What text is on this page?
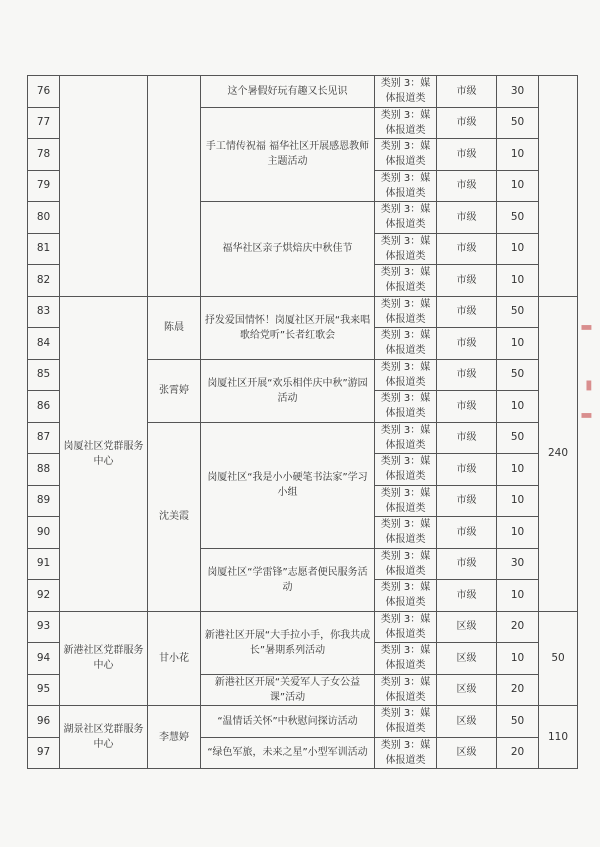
76			这个暑假好玩有趣又长见识	类别 3：媒体报道类	市级	30	
77			手工情传祝福 福华社区开展感恩教师主题活动	类别 3：媒体报道类	市级	50	
78				类别 3：媒体报道类	市级	10	
79				类别 3：媒体报道类	市级	10	
80			福华社区亲子烘焙庆中秋佳节	类别 3：媒体报道类	市级	50	
81				类别 3：媒体报道类	市级	10	
82				类别 3：媒体报道类	市级	10	
83	岗厦社区党群服务中心	陈晨	抒发爱国情怀！岗厦社区开展“我来唱歌给党听”长者红歌会	类别 3：媒体报道类	市级	50	240
84				类别 3：媒体报道类	市级	10	
85		张霄婷	岗厦社区开展“欢乐相伴庆中秋”游园活动	类别 3：媒体报道类	市级	50	
86				类别 3：媒体报道类	市级	10	
87		沈美霞	岗厦社区“我是小小硬笔书法家”学习小组	类别 3：媒体报道类	市级	50	
88				类别 3：媒体报道类	市级	10	
89				类别 3：媒体报道类	市级	10	
90				类别 3：媒体报道类	市级	10	
91			岗厦社区“学雷锋”志愿者便民服务活动	类别 3：媒体报道类	市级	30	
92				类别 3：媒体报道类	市级	10	
93	新港社区党群服务中心	甘小花	新港社区开展“大手拉小手，你我共成长”暑期系列活动	类别 3：媒体报道类	区级	20	50
94				类别 3：媒体报道类	区级	10	
95			新港社区开展“关爱军人子女公益课”活动	类别 3：媒体报道类	区级	20	
96	湖景社区党群服务中心	李慧婷	“温情话关怀”中秋慰问探访活动	类别 3：媒体报道类	区级	50	110
97			“绿色军旅，未来之星”小型军训活动	类别 3：媒体报道类	区级	20	
▮
▬
▮
